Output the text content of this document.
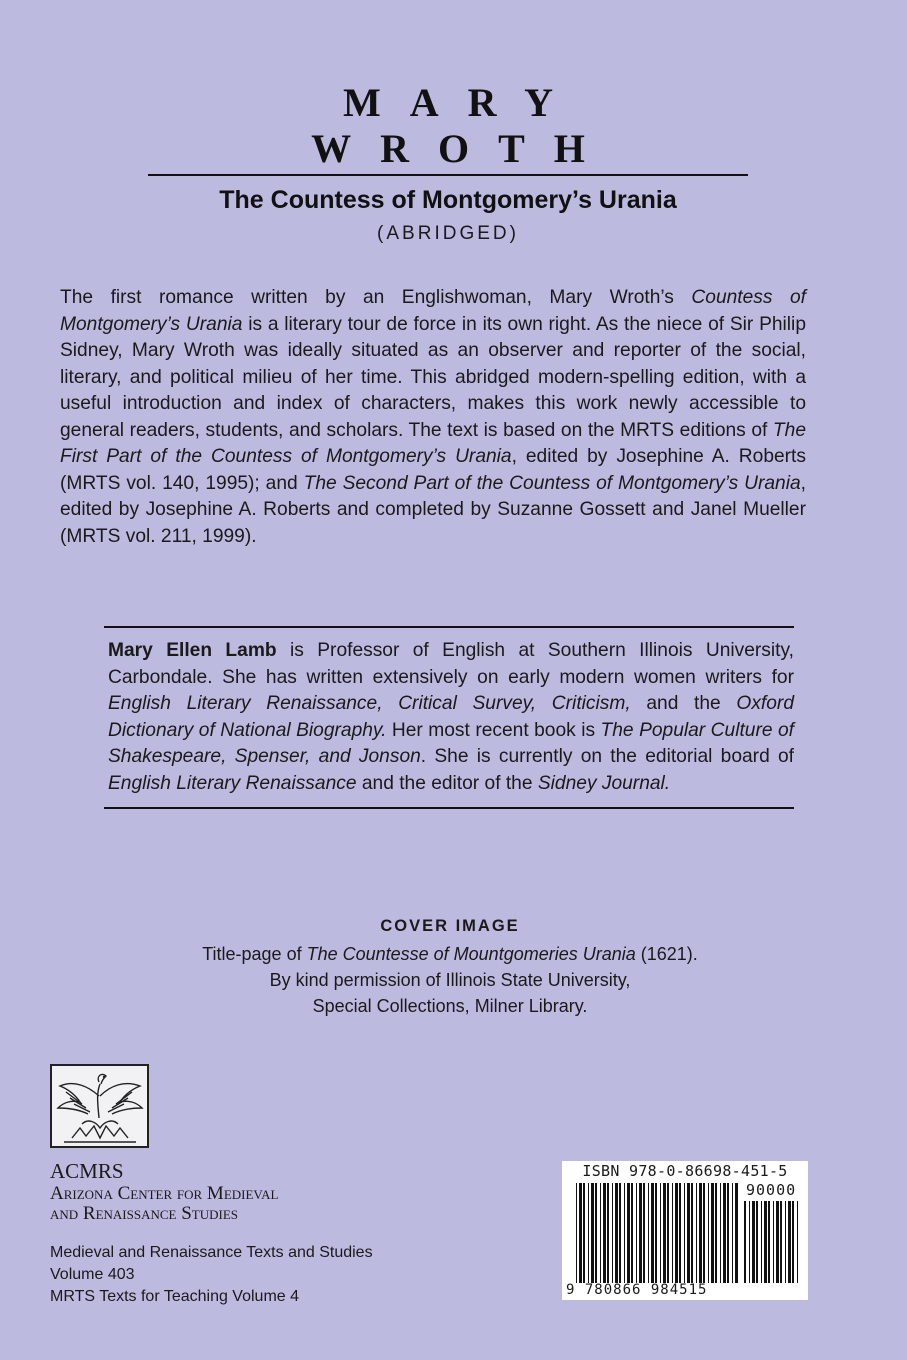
MARY WROTH
The Countess of Montgomery’s Urania
(ABRIDGED)
The first romance written by an Englishwoman, Mary Wroth’s Countess of Montgomery’s Urania is a literary tour de force in its own right. As the niece of Sir Philip Sidney, Mary Wroth was ideally situated as an observer and reporter of the social, literary, and political milieu of her time. This abridged modern-spelling edition, with a useful introduction and index of characters, makes this work newly accessible to general readers, students, and scholars. The text is based on the MRTS editions of The First Part of the Countess of Montgomery’s Urania, edited by Josephine A. Roberts (MRTS vol. 140, 1995); and The Second Part of the Countess of Montgomery’s Urania, edited by Josephine A. Roberts and completed by Suzanne Gossett and Janel Mueller (MRTS vol. 211, 1999).
Mary Ellen Lamb is Professor of English at Southern Illinois University, Carbondale. She has written extensively on early modern women writers for English Literary Renaissance, Critical Survey, Criticism, and the Oxford Dictionary of National Biography. Her most recent book is The Popular Culture of Shakespeare, Spenser, and Jonson. She is currently on the editorial board of English Literary Renaissance and the editor of the Sidney Journal.
COVER IMAGE
Title-page of The Countesse of Mountgomeries Urania (1621).
By kind permission of Illinois State University,
Special Collections, Milner Library.
ACMRS
Arizona Center for Medieval
and Renaissance Studies
Medieval and Renaissance Texts and Studies
Volume 403
MRTS Texts for Teaching Volume 4
ISBN 978-0-86698-451-5
90000
9 780866 984515
